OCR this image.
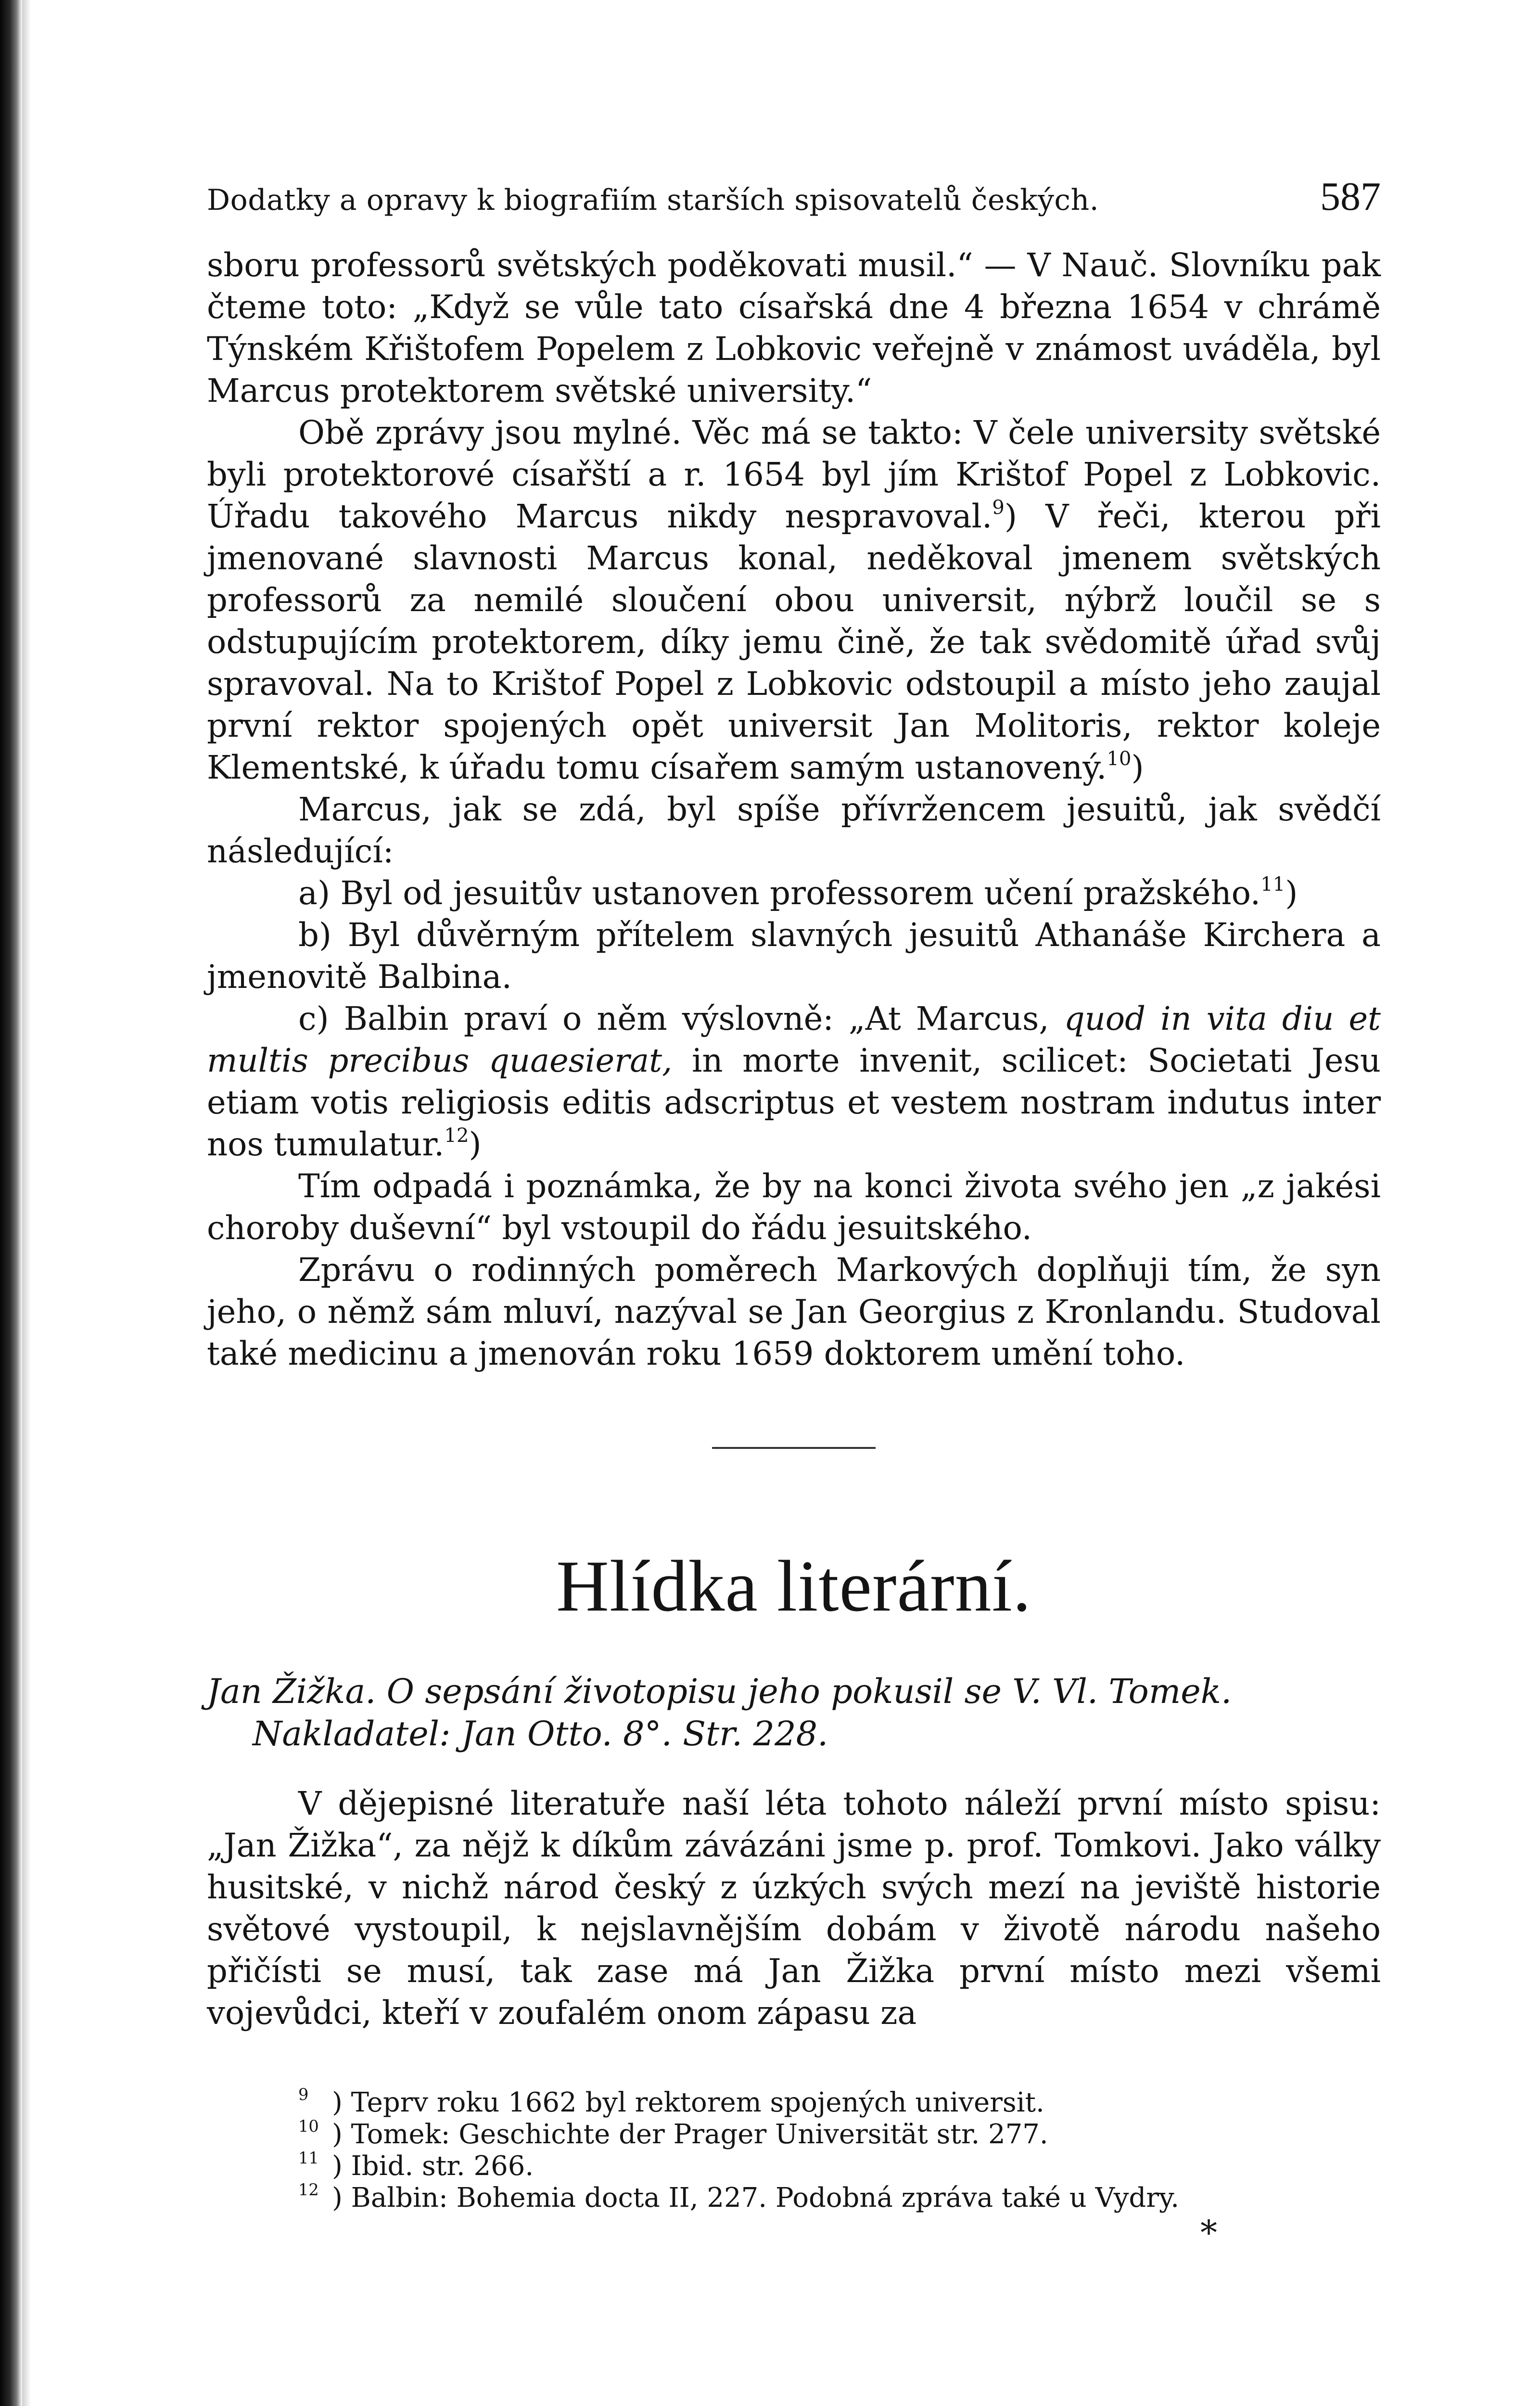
Dodatky a opravy k biografiím starších spisovatelů českých.	587

sboru professorů světských poděkovati musil.“ — V Nauč. Slovníku pak čteme toto: „Když se vůle tato císařská dne 4 března 1654 v chrámě Týnském Křištofem Popelem z Lobkovic veřejně v známost uváděla, byl Marcus protektorem světské university.“

Obě zprávy jsou mylné. Věc má se takto: V čele university světské byli protektorové císařští a r. 1654 byl jím Krištof Popel z Lobkovic. Úřadu takového Marcus nikdy nespravoval.$^9$) V řeči, kterou při jmenované slavnosti Marcus konal, neděkoval jmenem světských professorů za nemilé sloučení obou universit, nýbrž loučil se s odstupujícím protektorem, díky jemu čině, že tak svědomitě úřad svůj spravoval. Na to Krištof Popel z Lobkovic odstoupil a místo jeho zaujal první rektor spojených opět universit Jan Molitoris, rektor koleje Klementské, k úřadu tomu císařem samým ustanovený.$^{10}$)

Marcus, jak se zdá, byl spíše přívržencem jesuitů, jak svědčí následující:

a) Byl od jesuitův ustanoven professorem učení pražského.$^{11}$)

b) Byl důvěrným přítelem slavných jesuitů Athanáše Kirchera a jmenovitě Balbina.

c) Balbin praví o něm výslovně: „At Marcus, quod in vita diu et multis precibus quaesierat, in morte invenit, scilicet: Societati Jesu etiam votis religiosis editis adscriptus et vestem nostram indutus inter nos tumulatur.$^{12}$)

Tím odpadá i poznámka, že by na konci života svého jen „z jakési choroby duševní“ byl vstoupil do řádu jesuitského.

Zprávu o rodinných poměrech Markových doplňuji tím, že syn jeho, o němž sám mluví, nazýval se Jan Georgius z Kronlandu. Studoval také medicinu a jmenován roku 1659 doktorem umění toho.

Hlídka literární.
Jan Žižka. O sepsání životopisu jeho pokusil se V. Vl. Tomek.
Nakladatel: Jan Otto. 8°. Str. 228.

V dějepisné literatuře naší léta tohoto náleží první místo spisu: „Jan Žižka“, za nějž k díkům závázáni jsme p. prof. Tomkovi. Jako války husitské, v nichž národ český z úzkých svých mezí na jeviště historie světové vystoupil, k nejslavnějším dobám v životě národu našeho přičísti se musí, tak zase má Jan Žižka první místo mezi všemi vojevůdci, kteří v zoufalém onom zápasu za

$^9$ ) Teprv roku 1662 byl rektorem spojených universit.
$^{10}$ ) Tomek: Geschichte der Prager Universität str. 277.
$^{11}$ ) Ibid. str. 266.
$^{12}$ ) Balbin: Bohemia docta II, 227. Podobná zpráva také u Vydry.
*
